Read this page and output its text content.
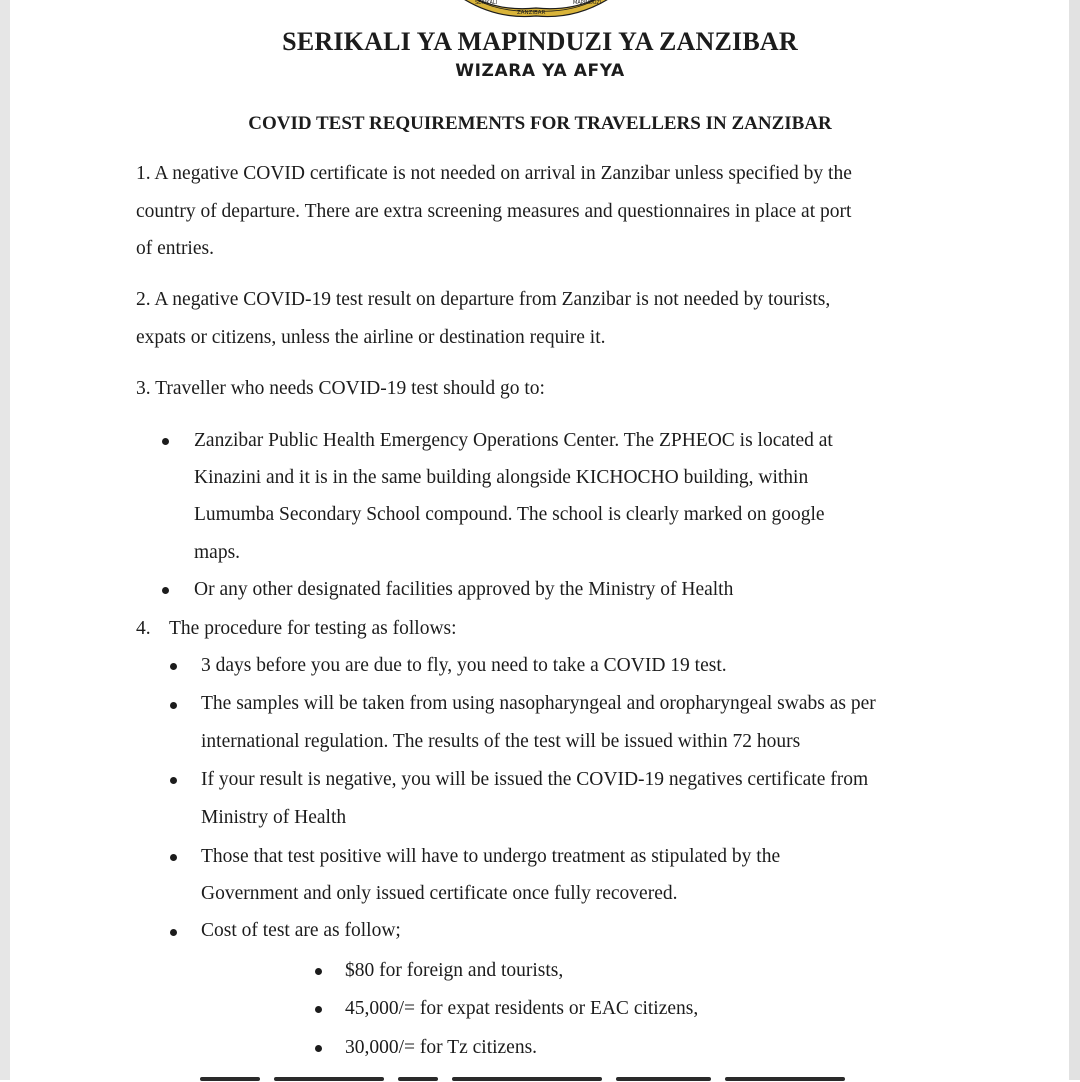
SERIKALI
ZANZIBAR
MAPINDUZI
SERIKALI YA MAPINDUZI YA ZANZIBAR
WIZARA YA AFYA
COVID TEST REQUIREMENTS FOR TRAVELLERS IN ZANZIBAR
1. A negative COVID certificate is not needed on arrival in Zanzibar unless specified by the
country of departure. There are extra screening measures and questionnaires in place at port
of entries.
2. A negative COVID-19 test result on departure from Zanzibar is not needed by tourists,
expats or citizens, unless the airline or destination require it.
3. Traveller who needs COVID-19 test should go to:
Zanzibar Public Health Emergency Operations Center. The ZPHEOC is located at
Kinazini and it is in the same building alongside KICHOCHO building, within
Lumumba Secondary School compound. The school is clearly marked on google
maps.
Or any other designated facilities approved by the Ministry of Health
4. The procedure for testing as follows:
3 days before you are due to fly, you need to take a COVID 19 test.
The samples will be taken from using nasopharyngeal and oropharyngeal swabs as per
international regulation. The results of the test will be issued within 72 hours
If your result is negative, you will be issued the COVID-19 negatives certificate from
Ministry of Health
Those that test positive will have to undergo treatment as stipulated by the
Government and only issued certificate once fully recovered.
Cost of test are as follow;
$80 for foreign and tourists,
45,000/= for expat residents or EAC citizens,
30,000/= for Tz citizens.
